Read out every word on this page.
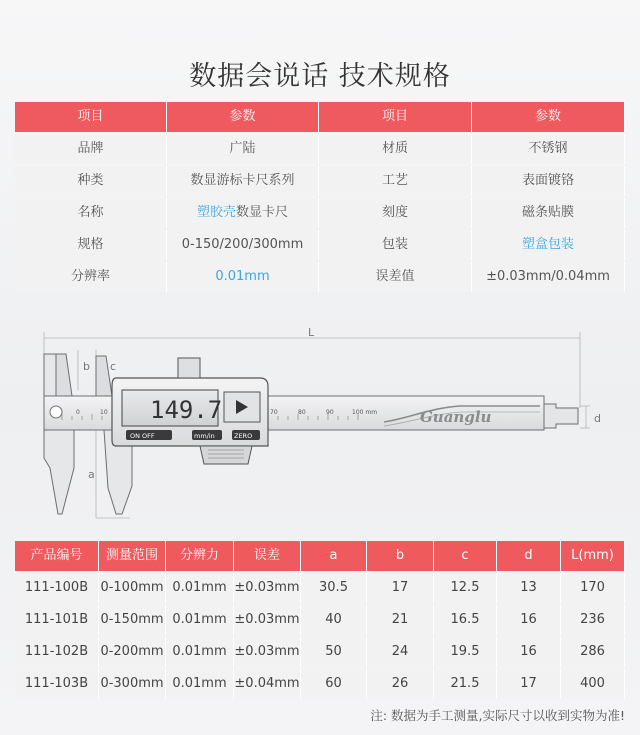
数据会说话 技术规格
项目	参数	项目	参数
品牌	广陆	材质	不锈钢
种类	数显游标卡尺系列	工艺	表面镀铬
名称	塑胶壳数显卡尺	刻度	磁条贴膜
规格	0-150/200/300mm	包装	塑盒包装
分辨率	0.01mm	误差值	±0.03mm/0.04mm
L
b c
a
d
0	10	70	80	90	100 mm	Guanglu
149.7
ON OFF	mm/in	ZERO
产品编号	测量范围	分辨力	误差	a	b	c	d	L(mm)
111-100B 0-100mm 0.01mm ±0.03mm	30.5	17	12.5	13	170
111-101B 0-150mm 0.01mm ±0.03mm	40	21	16.5	16	236
111-102B 0-200mm 0.01mm ±0.03mm	50	24	19.5	16	286
111-103B 0-300mm 0.01mm ±0.04mm	60	26	21.5	17	400
注: 数据为手工测量,实际尺寸以收到实物为准!
